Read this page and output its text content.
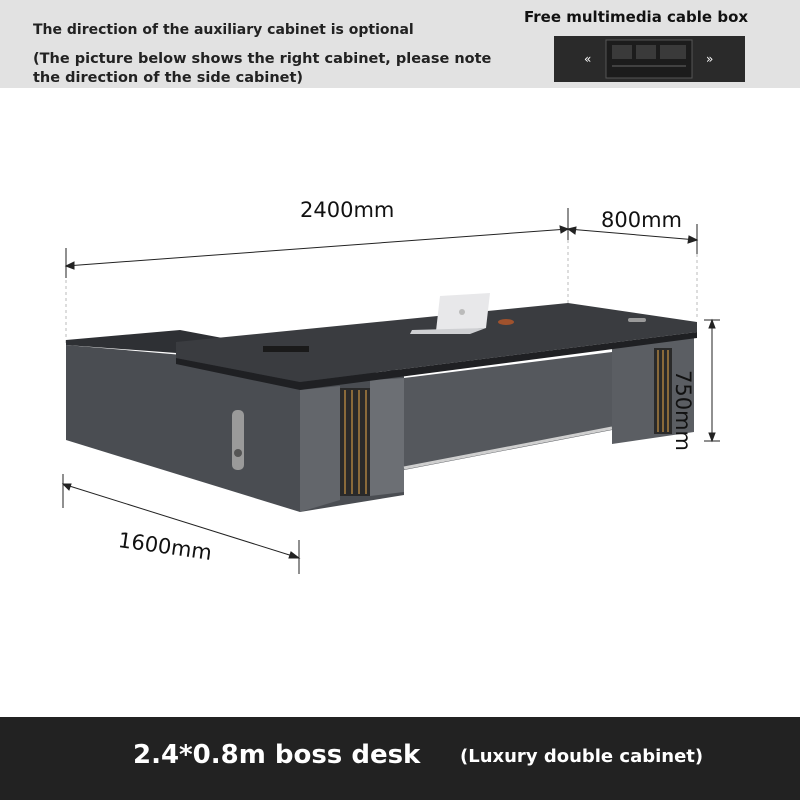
The direction of the auxiliary cabinet is optional
(The picture below shows the right cabinet, please note the direction of the side cabinet)
Free multimedia cable box
«	»
2400mm	800mm
750mm
1600mm
2.4*0.8m boss desk (Luxury double cabinet)
